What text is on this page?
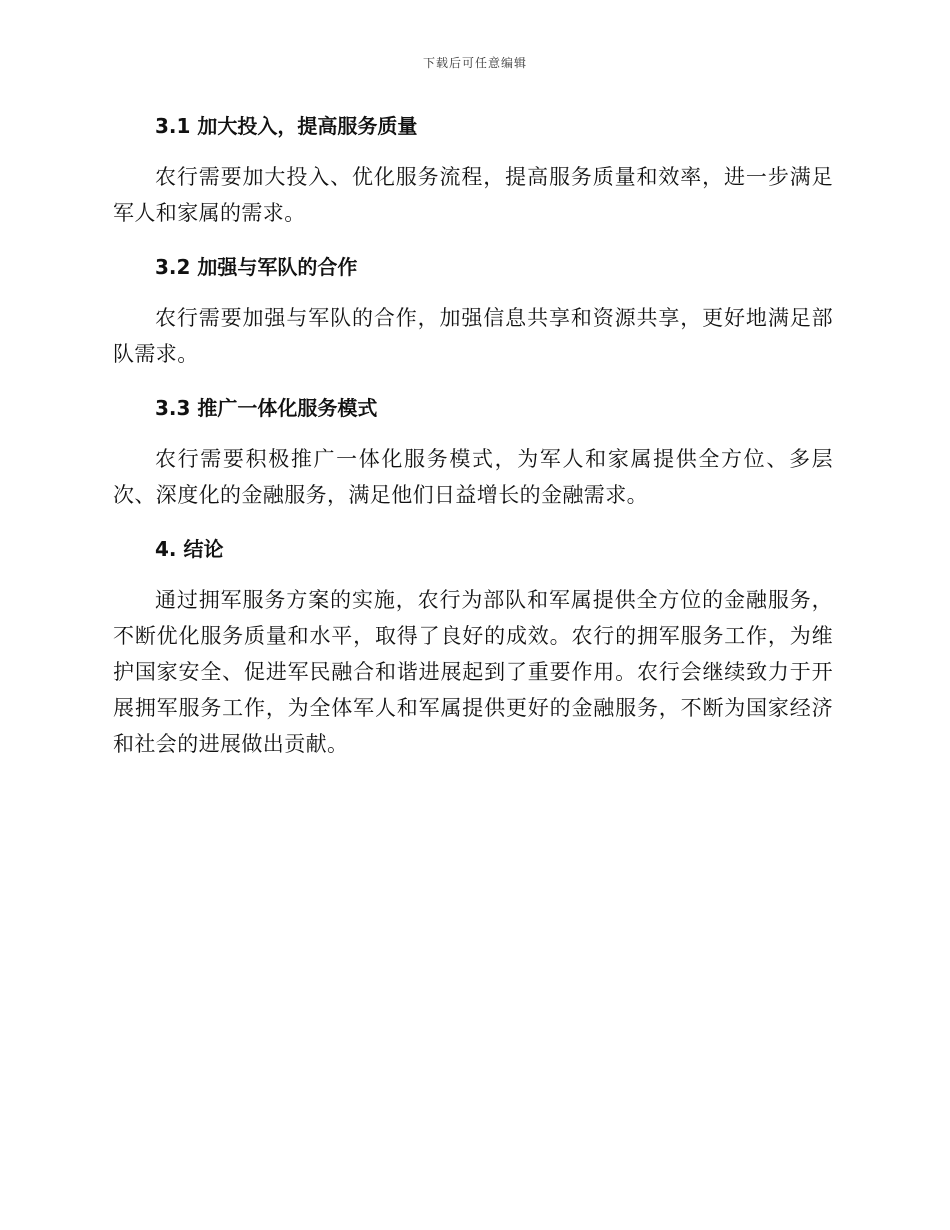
下载后可任意编辑
3.1 加大投入，提高服务质量

农行需要加大投入、优化服务流程，提高服务质量和效率，进一步满足军人和家属的需求。

3.2 加强与军队的合作

农行需要加强与军队的合作，加强信息共享和资源共享，更好地满足部队需求。

3.3 推广一体化服务模式

农行需要积极推广一体化服务模式，为军人和家属提供全方位、多层次、深度化的金融服务，满足他们日益增长的金融需求。

4. 结论

通过拥军服务方案的实施，农行为部队和军属提供全方位的金融服务，不断优化服务质量和水平，取得了良好的成效。农行的拥军服务工作，为维护国家安全、促进军民融合和谐进展起到了重要作用。农行会继续致力于开展拥军服务工作，为全体军人和军属提供更好的金融服务，不断为国家经济和社会的进展做出贡献。
